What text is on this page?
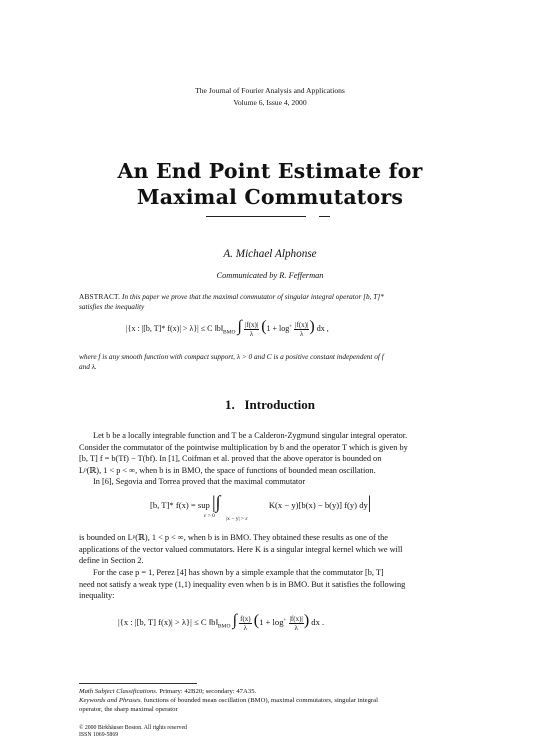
The Journal of Fourier Analysis and Applications
Volume 6, Issue 4, 2000
An End Point Estimate for
Maximal Commutators
A. Michael Alphonse
Communicated by R. Fefferman
ABSTRACT. In this paper we prove that the maximal commutator of singular integral operator [b, T]*
satisfies the inequality
|{x : |[b, T]* f(x)| > λ}| ≤ C $‖b‖_{BMO}$ ∫ $\frac{|f(x)|}{\lambda} (1 + \log^+ \frac{|f(x)|}{\lambda}$ ) dx ,
where f is any smooth function with compact support, λ > 0 and C is a positive constant independent of f
and λ.
1. Introduction
Let b be a locally integrable function and T be a Calderon-Zygmund singular integral operator.
Consider the commutator of the pointwise multiplication by b and the operator T which is given by
[b, T] f = b(Tf) − T(bf). In [1], Coifman et al. proved that the above operator is bounded on
Lᵖ(ℝ), 1 < p < ∞, when b is in BMO, the space of functions of bounded mean oscillation.
In [6], Segovia and Torrea proved that the maximal commutator
[b, T]* f(x) = sup |∫	K(x − y)[b(x) − b(y)] f(y) dy|
ε > 0 |x − y| > ε
is bounded on Lᵖ(ℝ), 1 < p < ∞, when b is in BMO. They obtained these results as one of the
applications of the vector valued commutators. Here K is a singular integral kernel which we will
define in Section 2.
For the case p = 1, Perez [4] has shown by a simple example that the commutator [b, T]
need not satisfy a weak type (1,1) inequality even when b is in BMO. But it satisfies the following
inequality:
|{x : |[b, T] f(x)| > λ}| ≤ C $‖b‖_{BMO}$ ∫ $\frac{f(x)}{\lambda} (1 + \log^+ \frac{|f(x)|}{\lambda}$ ) dx .
Math Subject Classifications. Primary: 42B20; secondary: 47A35.
Keywords and Phrases. functions of bounded mean oscillation (BMO), maximal commutators, singular integral
operator, the sharp maximal operator
© 2000 Birkhäuser Boston. All rights reserved
ISSN 1069-5869
